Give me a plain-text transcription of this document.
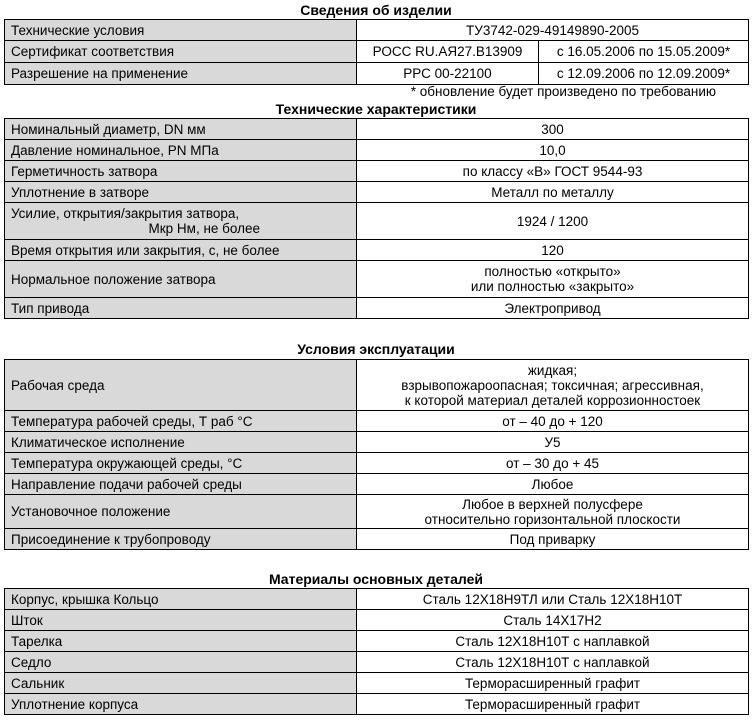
Сведения об изделии
Технические условия	ТУ3742-029-49149890-2005	
Сертификат соответствия	РОСС RU.АЯ27.В13909	с 16.05.2006 по 15.05.2009*
Разрешение на применение	РРС 00-22100	с 12.09.2006 по 12.09.2009*
* обновление будет произведено по требованию
Технические характеристики
Номинальный диаметр, DN мм	300
Давление номинальное, PN МПа	10,0
Герметичность затвора	по классу «В» ГОСТ 9544-93
Уплотнение в затворе	Металл по металлу

Усилие, открытия/закрытия затвора,
Мкр Нм, не более	1924 / 1200
Время открытия или закрытия, с, не более	120
Нормальное положение затвора	полностью «открыто»
или полностью «закрыто»

Тип привода	Электропривод
Условия эксплуатации
Рабочая среда	жидкая;
взрывопожароопасная; токсичная; агрессивная,
к которой материал деталей коррозионностоек

Температура рабочей среды, Т раб °С	от – 40 до + 120
Климатическое исполнение	У5
Температура окружающей среды, °С	от – 30 до + 45
Направление подачи рабочей среды	Любое
Установочное положение	Любое в верхней полусфере
относительно горизонтальной плоскости

Присоединение к трубопроводу	Под приварку
Материалы основных деталей
Корпус, крышка Кольцо	Сталь 12Х18Н9ТЛ или Сталь 12Х18Н10Т
Шток	Сталь 14Х17Н2
Тарелка	Сталь 12Х18Н10Т с наплавкой
Седло	Сталь 12Х18Н10Т с наплавкой
Сальник	Терморасширенный графит
Уплотнение корпуса	Терморасширенный графит
